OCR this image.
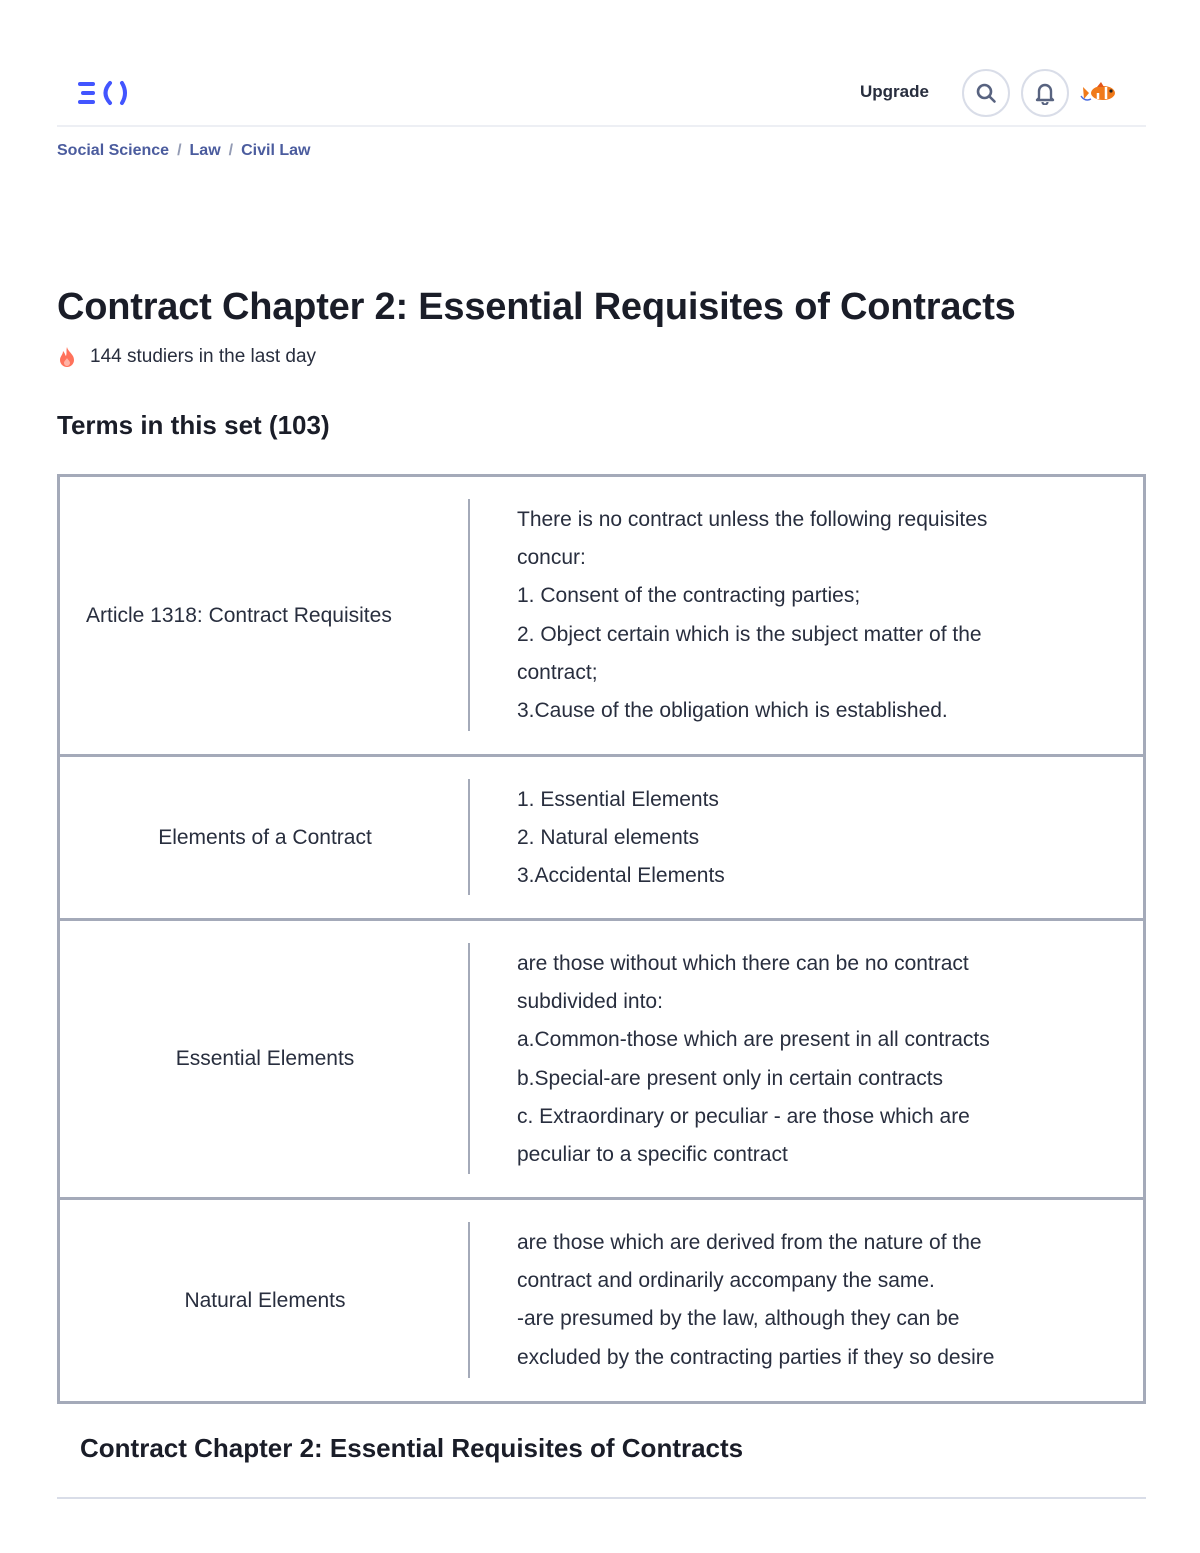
Upgrade
Social Science / Law / Civil Law
Contract Chapter 2: Essential Requisites of Contracts
144 studiers in the last day
Terms in this set (103)
Article 1318: Contract Requisites
There is no contract unless the following requisites
concur:
1. Consent of the contracting parties;
2. Object certain which is the subject matter of the
contract;
3.Cause of the obligation which is established.
Elements of a Contract
1. Essential Elements
2. Natural elements
3.Accidental Elements
Essential Elements
are those without which there can be no contract
subdivided into:
a.Common-those which are present in all contracts
b.Special-are present only in certain contracts
c. Extraordinary or peculiar - are those which are
peculiar to a specific contract
Natural Elements
are those which are derived from the nature of the
contract and ordinarily accompany the same.
-are presumed by the law, although they can be
excluded by the contracting parties if they so desire
Contract Chapter 2: Essential Requisites of Contracts
